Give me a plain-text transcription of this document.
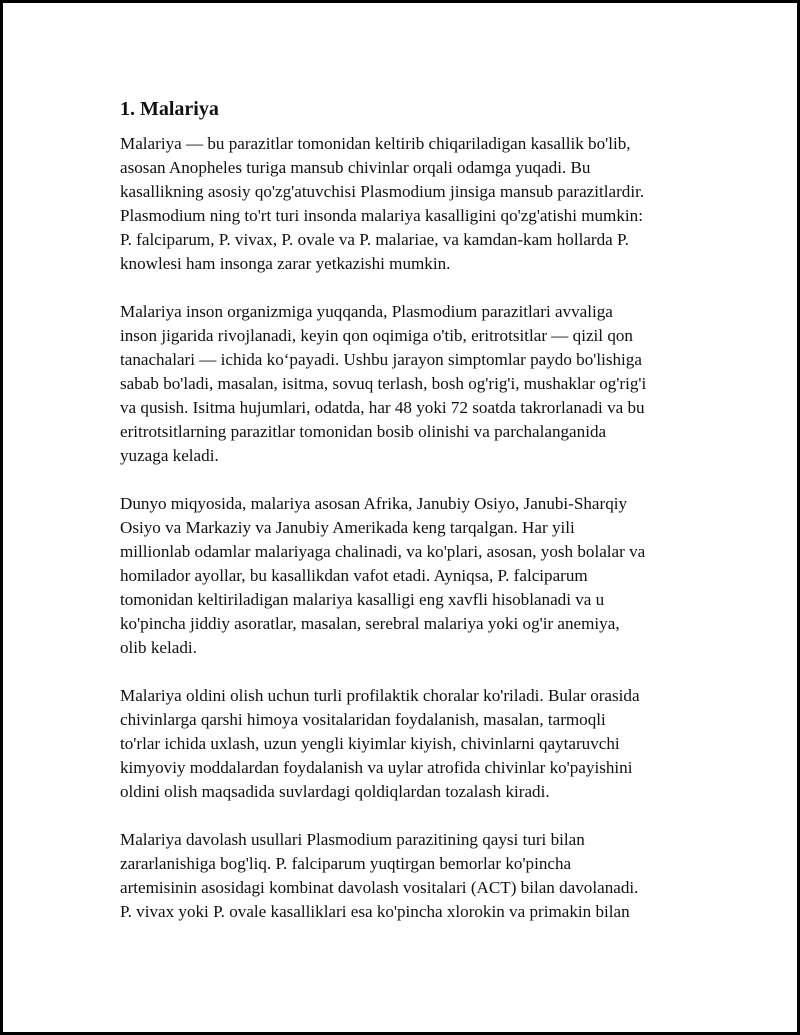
1. Malariya

Malariya — bu parazitlar tomonidan keltirib chiqariladigan kasallik bo'lib,
asosan Anopheles turiga mansub chivinlar orqali odamga yuqadi. Bu
kasallikning asosiy qo'zg'atuvchisi Plasmodium jinsiga mansub parazitlardir.
Plasmodium ning to'rt turi insonda malariya kasalligini qo'zg'atishi mumkin:
P. falciparum, P. vivax, P. ovale va P. malariae, va kamdan-kam hollarda P.
knowlesi ham insonga zarar yetkazishi mumkin.

Malariya inson organizmiga yuqqanda, Plasmodium parazitlari avvaliga
inson jigarida rivojlanadi, keyin qon oqimiga o'tib, eritrotsitlar — qizil qon
tanachalari — ichida ko‘payadi. Ushbu jarayon simptomlar paydo bo'lishiga
sabab bo'ladi, masalan, isitma, sovuq terlash, bosh og'rig'i, mushaklar og'rig'i
va qusish. Isitma hujumlari, odatda, har 48 yoki 72 soatda takrorlanadi va bu
eritrotsitlarning parazitlar tomonidan bosib olinishi va parchalanganida
yuzaga keladi.

Dunyo miqyosida, malariya asosan Afrika, Janubiy Osiyo, Janubi-Sharqiy
Osiyo va Markaziy va Janubiy Amerikada keng tarqalgan. Har yili
millionlab odamlar malariyaga chalinadi, va ko'plari, asosan, yosh bolalar va
homilador ayollar, bu kasallikdan vafot etadi. Ayniqsa, P. falciparum
tomonidan keltiriladigan malariya kasalligi eng xavfli hisoblanadi va u
ko'pincha jiddiy asoratlar, masalan, serebral malariya yoki og'ir anemiya,
olib keladi.

Malariya oldini olish uchun turli profilaktik choralar ko'riladi. Bular orasida
chivinlarga qarshi himoya vositalaridan foydalanish, masalan, tarmoqli
to'rlar ichida uxlash, uzun yengli kiyimlar kiyish, chivinlarni qaytaruvchi
kimyoviy moddalardan foydalanish va uylar atrofida chivinlar ko'payishini
oldini olish maqsadida suvlardagi qoldiqlardan tozalash kiradi.

Malariya davolash usullari Plasmodium parazitining qaysi turi bilan
zararlanishiga bog'liq. P. falciparum yuqtirgan bemorlar ko'pincha
artemisinin asosidagi kombinat davolash vositalari (ACT) bilan davolanadi.
P. vivax yoki P. ovale kasalliklari esa ko'pincha xlorokin va primakin bilan
